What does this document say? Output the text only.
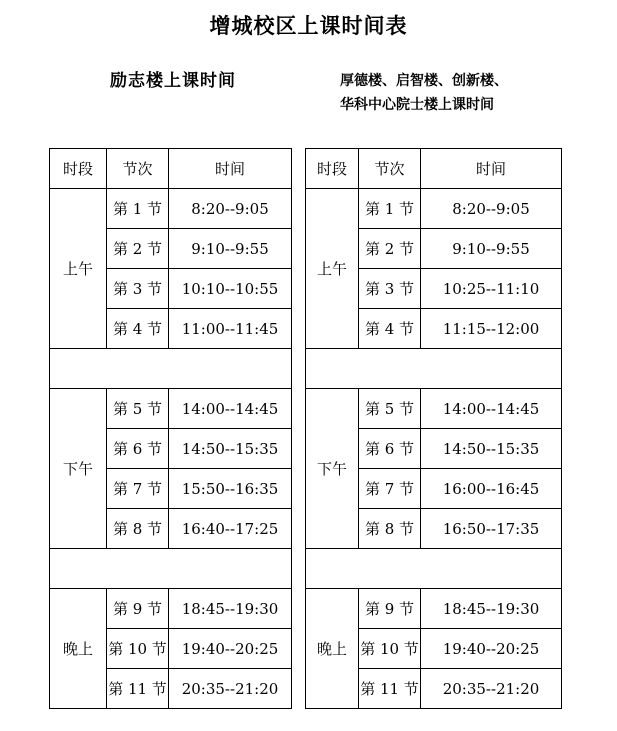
增城校区上课时间表
励志楼上课时间	厚德楼、启智楼、创新楼、
华科中心院士楼上课时间
时段	节次	时间
上午	第 1 节	8:20--9:05
	第 2 节	9:10--9:55
	第 3 节	10:10--10:55
	第 4 节	11:00--11:45

下午	第 5 节	14:00--14:45
	第 6 节	14:50--15:35
	第 7 节	15:50--16:35
	第 8 节	16:40--17:25

晚上	第 9 节	18:45--19:30
	第 10 节	19:40--20:25
	第 11 节	20:35--21:20
时段	节次	时间
上午	第 1 节	8:20--9:05
	第 2 节	9:10--9:55
	第 3 节	10:25--11:10
	第 4 节	11:15--12:00

下午	第 5 节	14:00--14:45
	第 6 节	14:50--15:35
	第 7 节	16:00--16:45
	第 8 节	16:50--17:35

晚上	第 9 节	18:45--19:30
	第 10 节	19:40--20:25
	第 11 节	20:35--21:20
